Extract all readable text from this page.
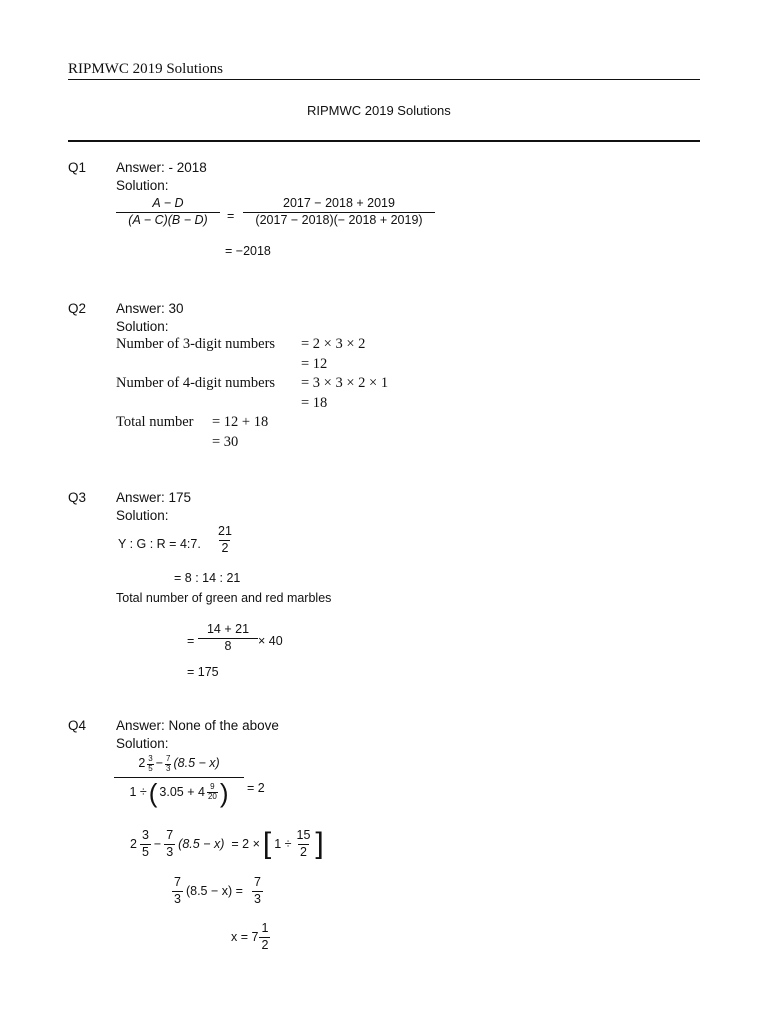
RIPMWC 2019 Solutions
RIPMWC 2019 Solutions
Q1 Answer: - 2018
Solution:
$\frac{A - D}{(A - C)(B - D)} = \frac{2017 - 2018 + 2019}{(2017 - 2018)(- 2018 + 2019)}$
= −2018
Q2 Answer: 30
Solution:
Number of 3-digit numbers = 2 × 3 × 2
= 12
Number of 4-digit numbers = 3 × 3 × 2 × 1
= 18
Total number = 12 + 18
= 30
Q3 Answer: 175
Solution:
Y : G : R = 4:7. $\frac{21}{2}$
= 8 : 14 : 21
Total number of green and red marbles
= $\frac{14 + 21}{8} \times 40$
= 175
Q4 Answer: None of the above
Solution:
$\frac{2 \frac{3}{5} - \frac{7}{3} (8.5 - x)}{1 \div ( 3.05 + 4 \frac{9}{20} )} = 2$
$2 \frac{3}{5} - \frac{7}{3} (8.5 - x) = 2$ × [ $1 \div \frac{15}{2}$ ]
$\frac{7}{3} (8.5 - x) = \frac{7}{3}$
$x = 7 \frac{1}{2}$
